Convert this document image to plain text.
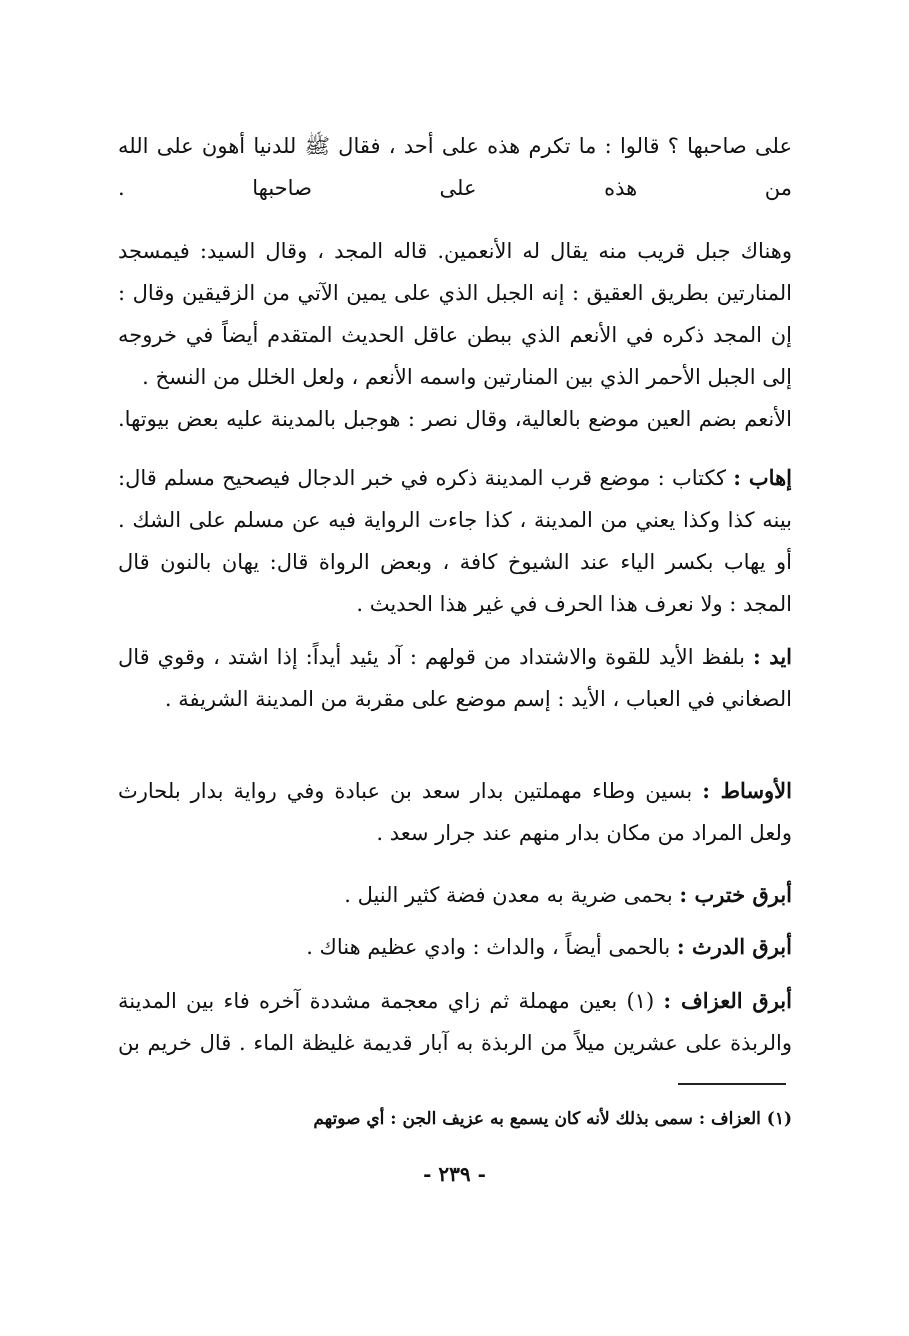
على صاحبها ؟ قالوا : ما تكرم هذه على أحد ، فقال ﷺ للدنيا أهون على الله من هذه على صاحبها .
وهناك جبل قريب منه يقال له الأنعمين. قاله المجد ، وقال السيد: فيمسجد المنارتين بطريق العقيق : إنه الجبل الذي على يمين الآتي من الزقيقين وقال : إن المجد ذكره في الأنعم الذي ببطن عاقل الحديث المتقدم أيضاً في خروجه إلى الجبل الأحمر الذي بين المنارتين واسمه الأنعم ، ولعل الخلل من النسخ .
الأنعم بضم العين موضع بالعالية، وقال نصر : هوجبل بالمدينة عليه بعض بيوتها.
إهاب : ككتاب : موضع قرب المدينة ذكره في خبر الدجال فيصحيح مسلم قال: بينه كذا وكذا يعني من المدينة ، كذا جاءت الرواية فيه عن مسلم على الشك . أو يهاب بكسر الياء عند الشيوخ كافة ، وبعض الرواة قال: يهان بالنون قال المجد : ولا نعرف هذا الحرف في غير هذا الحديث .
ايد : بلفظ الأيد للقوة والاشتداد من قولهم : آد يئيد أيداً: إذا اشتد ، وقوي قال الصغاني في العباب ، الأيد : إسم موضع على مقربة من المدينة الشريفة .
الأوساط : بسين وطاء مهملتين بدار سعد بن عبادة وفي رواية بدار بلحارث ولعل المراد من مكان بدار منهم عند جرار سعد .
أبرق خترب : بحمى ضرية به معدن فضة كثير النيل .
أبرق الدرث : بالحمى أيضاً ، والداث : وادي عظيم هناك .
أبرق العزاف : (١) بعين مهملة ثم زاي معجمة مشددة آخره فاء بين المدينة والربذة على عشرين ميلاً من الربذة به آبار قديمة غليظة الماء . قال خريم بن
(١) العزاف : سمى بذلك لأنه كان يسمع به عزيف الجن : أي صوتهم
- ٢٣٩ -
